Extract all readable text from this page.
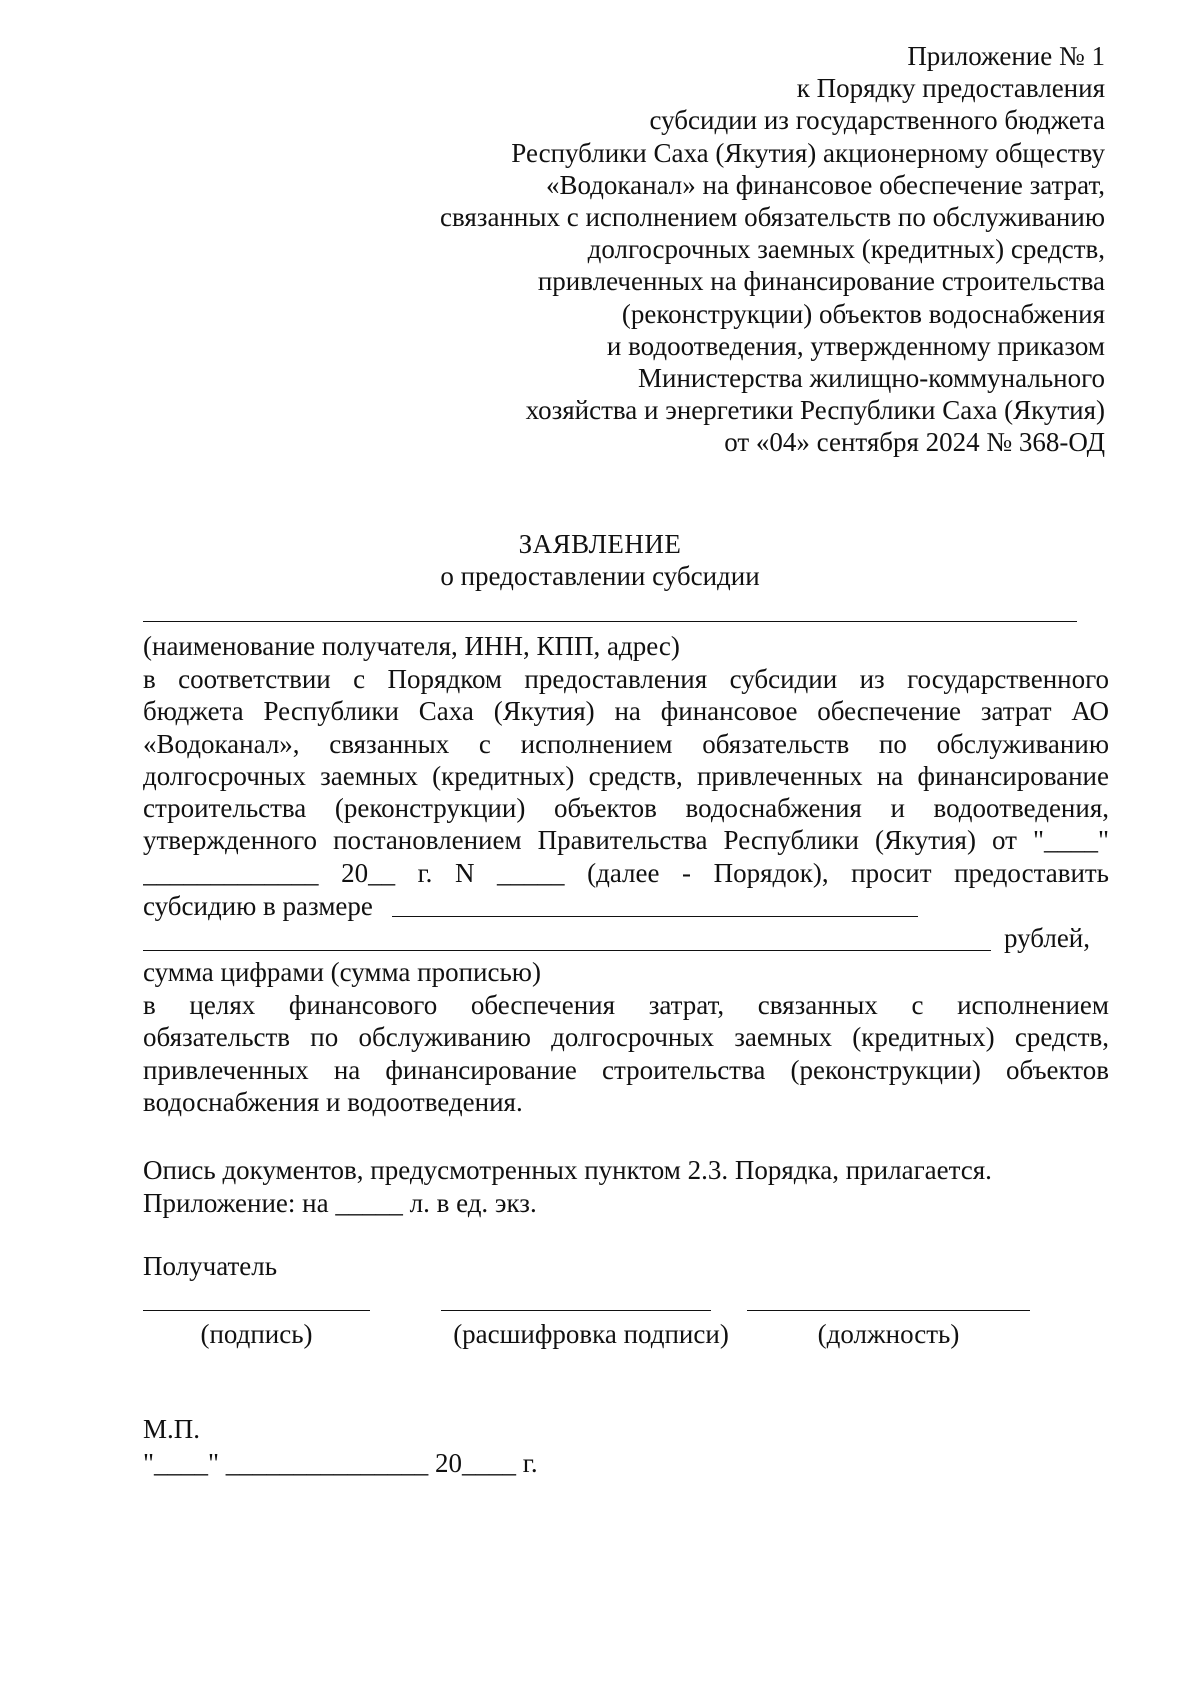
Приложение № 1
к Порядку предоставления
субсидии из государственного бюджета
Республики Саха (Якутия) акционерному обществу
«Водоканал» на финансовое обеспечение затрат,
связанных с исполнением обязательств по обслуживанию
долгосрочных заемных (кредитных) средств,
привлеченных на финансирование строительства
(реконструкции) объектов водоснабжения
и водоотведения, утвержденному приказом
Министерства жилищно-коммунального
хозяйства и энергетики Республики Саха (Якутия)
от «04» сентября 2024 № 368-ОД
ЗАЯВЛЕНИЕ
о предоставлении субсидии
(наименование получателя, ИНН, КПП, адрес)
в соответствии с Порядком предоставления субсидии из государственного
бюджета Республики Саха (Якутия) на финансовое обеспечение затрат АО
«Водоканал», связанных с исполнением обязательств по обслуживанию
долгосрочных заемных (кредитных) средств, привлеченных на финансирование
строительства (реконструкции) объектов водоснабжения и водоотведения,
утвержденного постановлением Правительства Республики (Якутия) от "____"
_____________ 20__ г. N _____ (далее - Порядок), просит предоставить
субсидию в размере
рублей,
сумма цифрами (сумма прописью)
в целях финансового обеспечения затрат, связанных с исполнением
обязательств по обслуживанию долгосрочных заемных (кредитных) средств,
привлеченных на финансирование строительства (реконструкции) объектов
водоснабжения и водоотведения.
Опись документов, предусмотренных пунктом 2.3. Порядка, прилагается.
Приложение: на _____ л. в ед. экз.
Получатель
(подпись)	(расшифровка подписи)	(должность)
М.П.
"____" _______________ 20____ г.
